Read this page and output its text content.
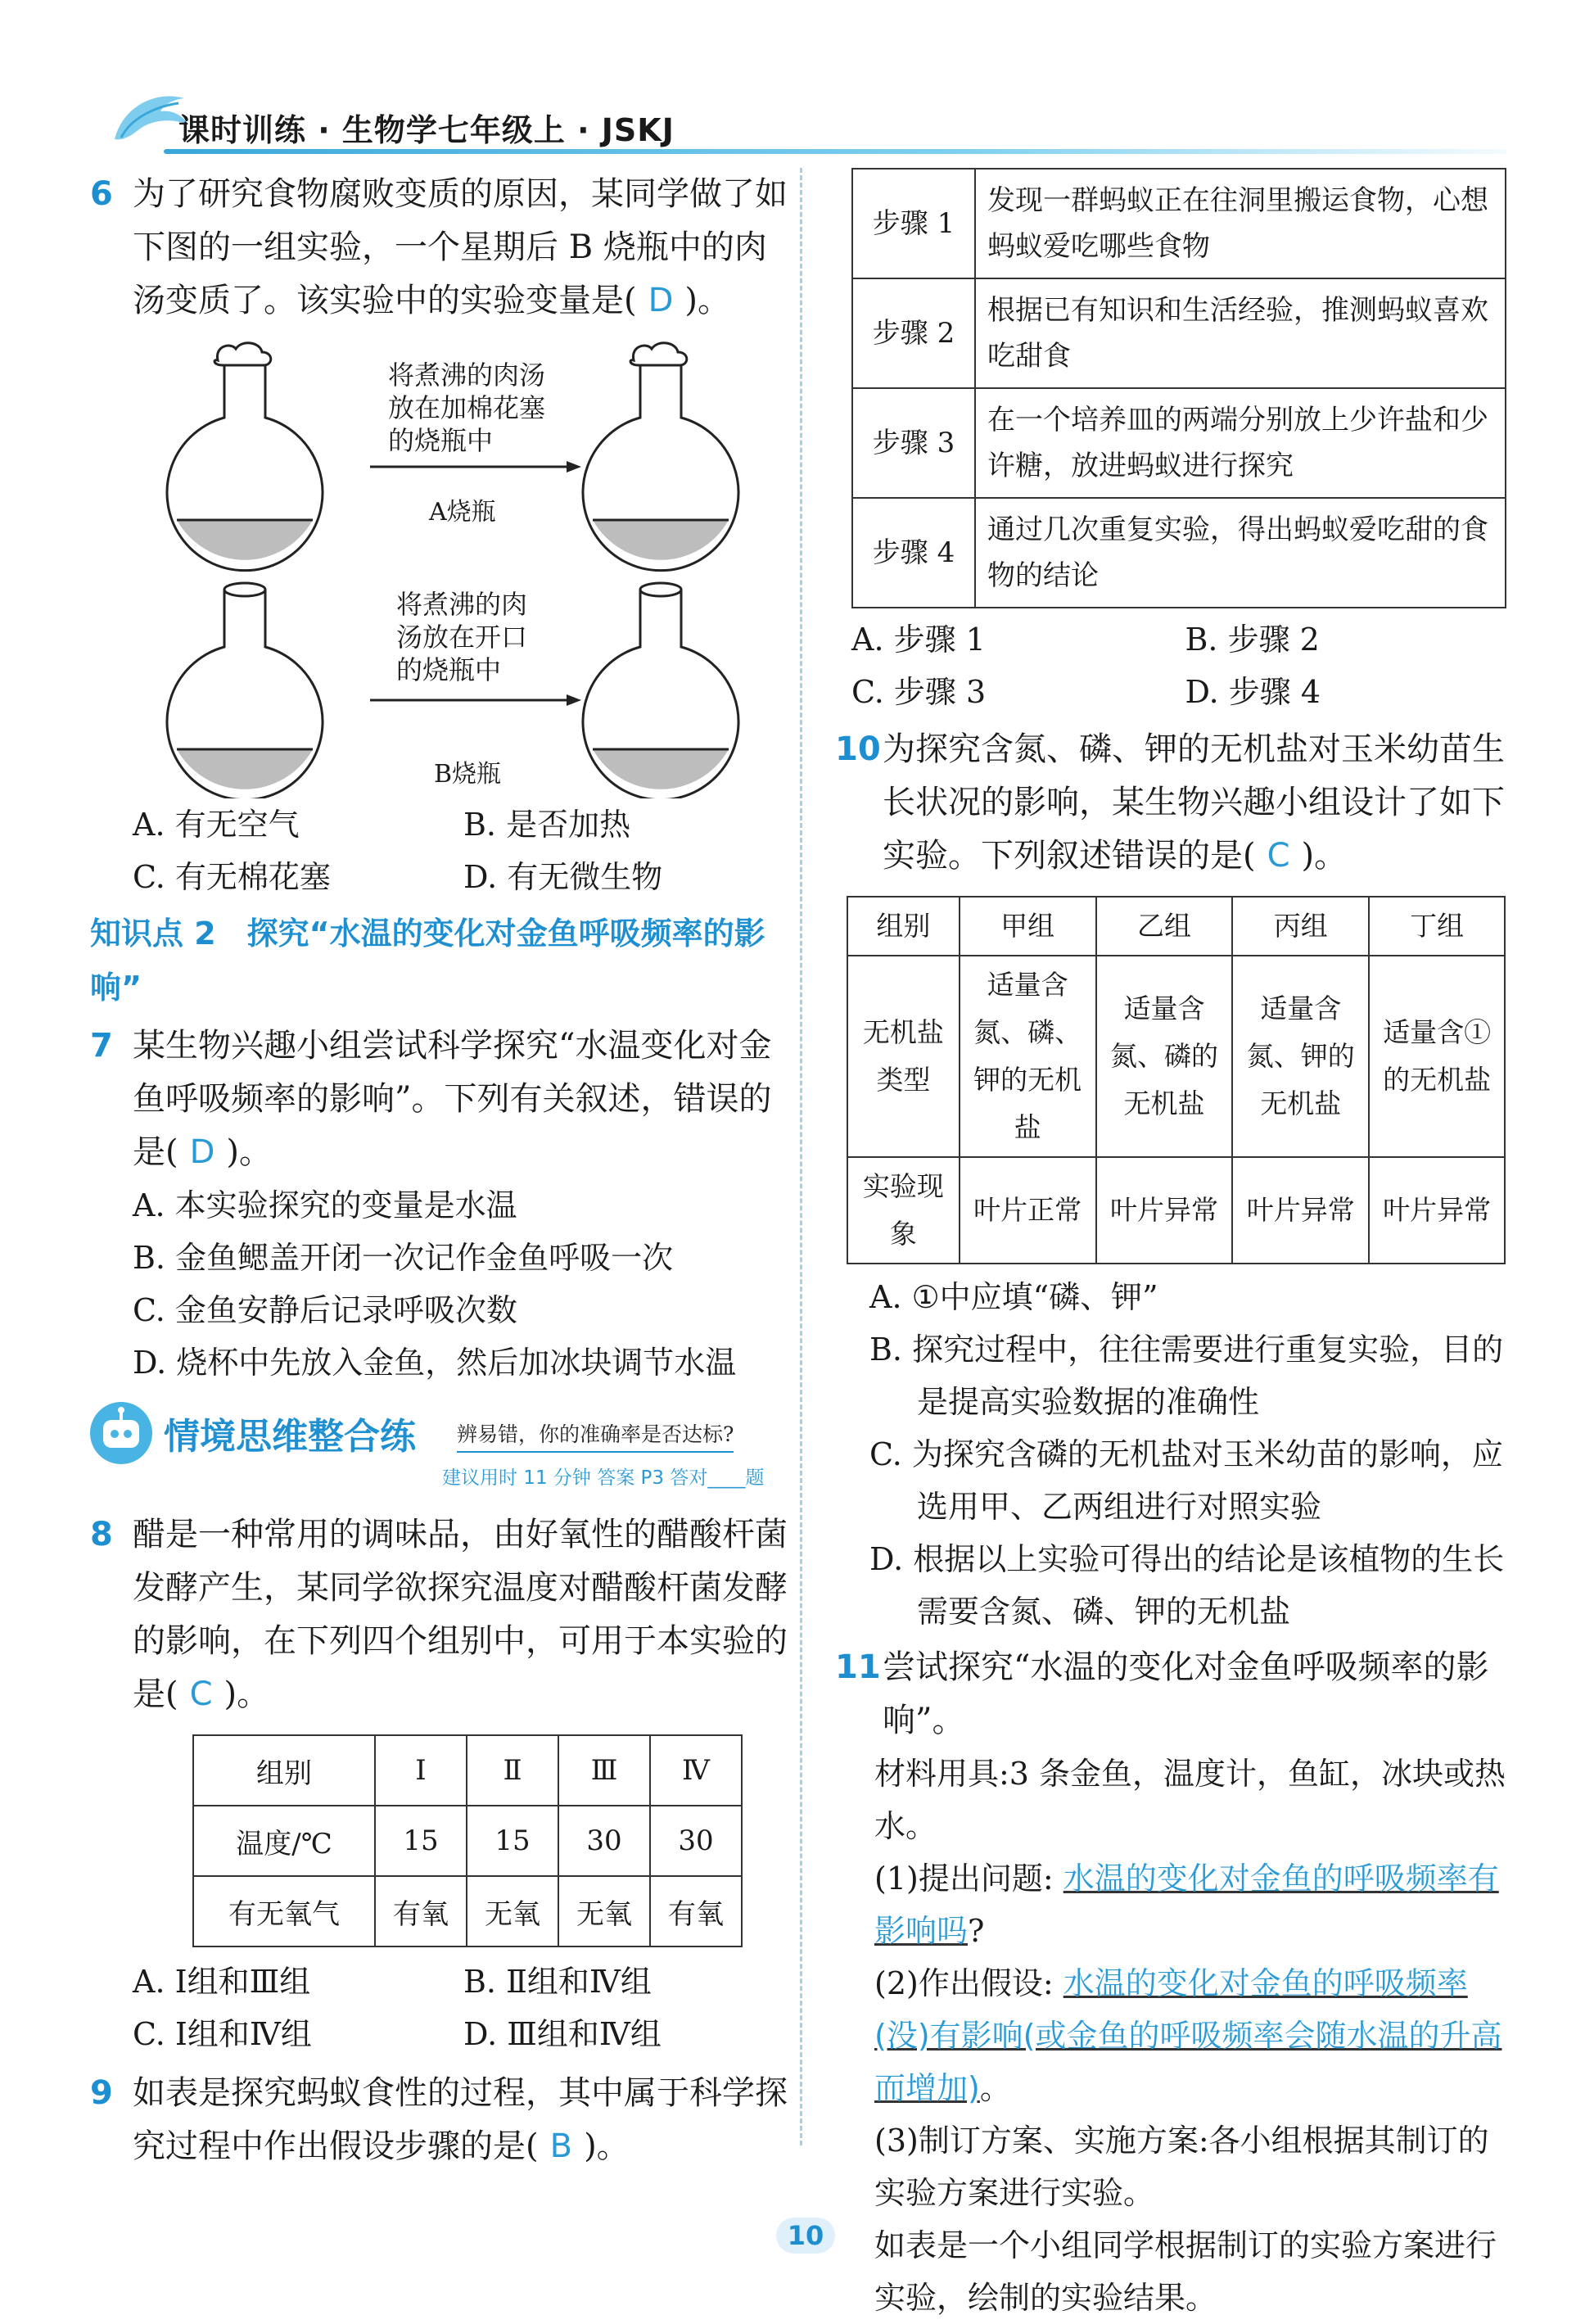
课时训练 · 生物学七年级上 · JSKJ
6 为了研究食物腐败变质的原因，某同学做了如下图的一组实验，一个星期后 B 烧瓶中的肉汤变质了。该实验中的实验变量是( D )。
将煮沸的肉汤
放在加棉花塞
的烧瓶中
A烧瓶
将煮沸的肉
汤放在开口
的烧瓶中
B烧瓶
A. 有无空气	B. 是否加热
C. 有无棉花塞	D. 有无微生物
知识点 2　探究“水温的变化对金鱼呼吸频率的影响”
7 某生物兴趣小组尝试科学探究“水温变化对金鱼呼吸频率的影响”。下列有关叙述，错误的是( D )。
A. 本实验探究的变量是水温
B. 金鱼鳃盖开闭一次记作金鱼呼吸一次
C. 金鱼安静后记录呼吸次数
D. 烧杯中先放入金鱼，然后加冰块调节水温
情境思维整合练 辨易错，你的准确率是否达标?
建议用时 11 分钟 答案 P3 答对____题
8 醋是一种常用的调味品，由好氧性的醋酸杆菌发酵产生，某同学欲探究温度对醋酸杆菌发酵的影响，在下列四个组别中，可用于本实验的是( C )。
组别	Ⅰ	Ⅱ	Ⅲ	Ⅳ
温度/℃	15	15	30	30
有无氧气	有氧	无氧	无氧	有氧
A. Ⅰ组和Ⅲ组	B. Ⅱ组和Ⅳ组
C. Ⅰ组和Ⅳ组	D. Ⅲ组和Ⅳ组
9 如表是探究蚂蚁食性的过程，其中属于科学探究过程中作出假设步骤的是( B )。
步骤 1	发现一群蚂蚁正在往洞里搬运食物，心想蚂蚁爱吃哪些食物
步骤 2	根据已有知识和生活经验，推测蚂蚁喜欢吃甜食
步骤 3	在一个培养皿的两端分别放上少许盐和少许糖，放进蚂蚁进行探究
步骤 4	通过几次重复实验，得出蚂蚁爱吃甜的食物的结论
A. 步骤 1	B. 步骤 2
C. 步骤 3	D. 步骤 4
10 为探究含氮、磷、钾的无机盐对玉米幼苗生长状况的影响，某生物兴趣小组设计了如下实验。下列叙述错误的是( C )。
组别	甲组	乙组	丙组	丁组
无机盐类型	适量含氮、磷、钾的无机盐	适量含氮、磷的无机盐	适量含氮、钾的无机盐	适量含①的无机盐
实验现象	叶片正常	叶片异常	叶片异常	叶片异常
A. ①中应填“磷、钾”
B. 探究过程中，往往需要进行重复实验，目的是提高实验数据的准确性
C. 为探究含磷的无机盐对玉米幼苗的影响，应选用甲、乙两组进行对照实验
D. 根据以上实验可得出的结论是该植物的生长需要含氮、磷、钾的无机盐
11 尝试探究“水温的变化对金鱼呼吸频率的影响”。
材料用具:3 条金鱼，温度计，鱼缸，冰块或热水。
(1)提出问题: 水温的变化对金鱼的呼吸频率有影响吗?
(2)作出假设: 水温的变化对金鱼的呼吸频率(没)有影响(或金鱼的呼吸频率会随水温的升高而增加)。
(3)制订方案、实施方案:各小组根据其制订的实验方案进行实验。
如表是一个小组同学根据制订的实验方案进行实验，绘制的实验结果。
10
